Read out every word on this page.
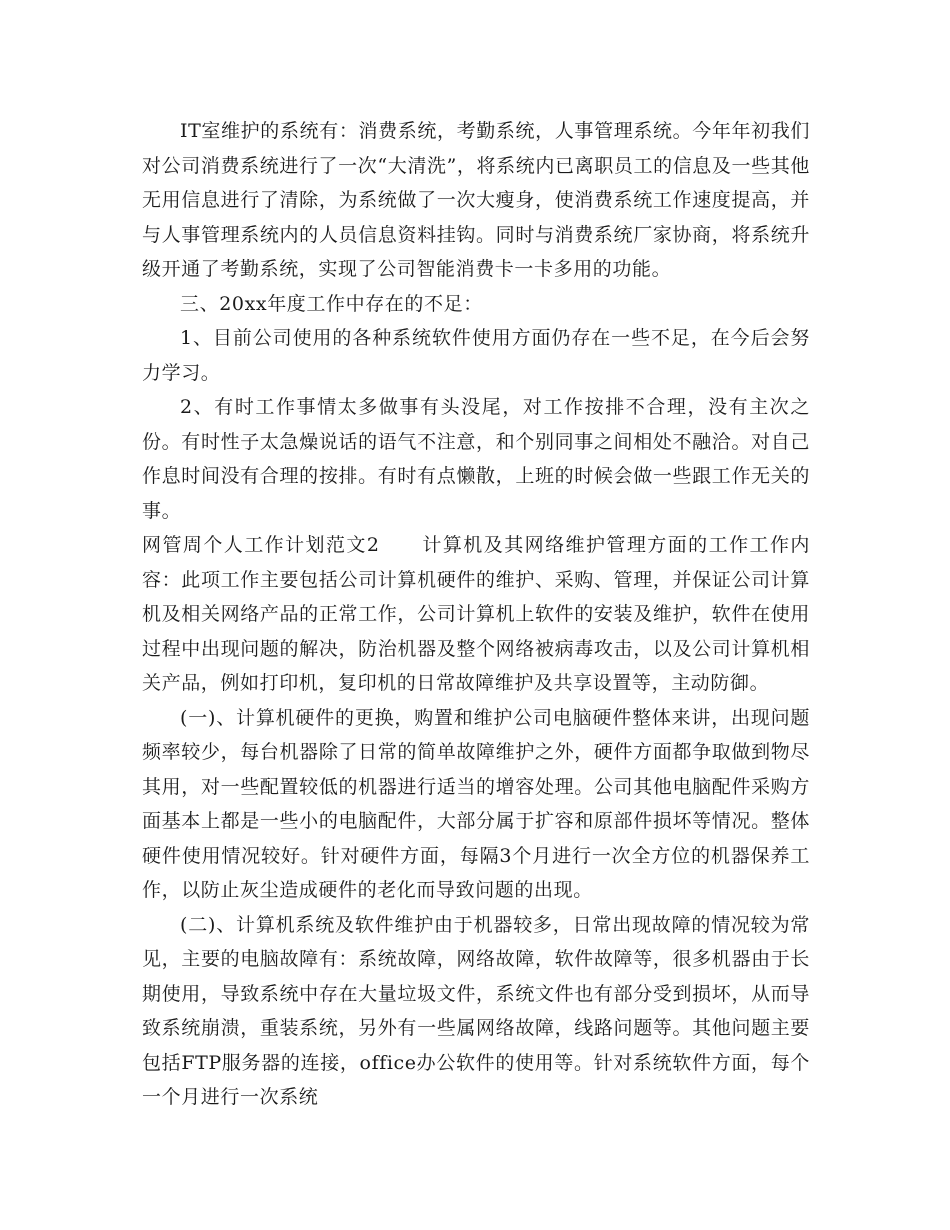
IT室维护的系统有：消费系统，考勤系统，人事管理系统。今年年初我们对公司消费系统进行了一次“大清洗”，将系统内已离职员工的信息及一些其他无用信息进行了清除，为系统做了一次大瘦身，使消费系统工作速度提高，并与人事管理系统内的人员信息资料挂钩。同时与消费系统厂家协商，将系统升级开通了考勤系统，实现了公司智能消费卡一卡多用的功能。

三、20xx年度工作中存在的不足：

1、目前公司使用的各种系统软件使用方面仍存在一些不足，在今后会努力学习。

2、有时工作事情太多做事有头没尾，对工作按排不合理，没有主次之份。有时性子太急燥说话的语气不注意，和个别同事之间相处不融洽。对自己作息时间没有合理的按排。有时有点懒散，上班的时候会做一些跟工作无关的事。

网管周个人工作计划范文2 计算机及其网络维护管理方面的工作工作内容：此项工作主要包括公司计算机硬件的维护、采购、管理，并保证公司计算机及相关网络产品的正常工作，公司计算机上软件的安装及维护，软件在使用过程中出现问题的解决，防治机器及整个网络被病毒攻击，以及公司计算机相关产品，例如打印机，复印机的日常故障维护及共享设置等，主动防御。

(一)、计算机硬件的更换，购置和维护公司电脑硬件整体来讲，出现问题频率较少，每台机器除了日常的简单故障维护之外，硬件方面都争取做到物尽其用，对一些配置较低的机器进行适当的增容处理。公司其他电脑配件采购方面基本上都是一些小的电脑配件，大部分属于扩容和原部件损坏等情况。整体硬件使用情况较好。针对硬件方面，每隔3个月进行一次全方位的机器保养工作，以防止灰尘造成硬件的老化而导致问题的出现。

(二)、计算机系统及软件维护由于机器较多，日常出现故障的情况较为常见，主要的电脑故障有：系统故障，网络故障，软件故障等，很多机器由于长期使用，导致系统中存在大量垃圾文件，系统文件也有部分受到损坏，从而导致系统崩溃，重装系统，另外有一些属网络故障，线路问题等。其他问题主要包括FTP服务器的连接，office办公软件的使用等。针对系统软件方面，每个一个月进行一次系统
